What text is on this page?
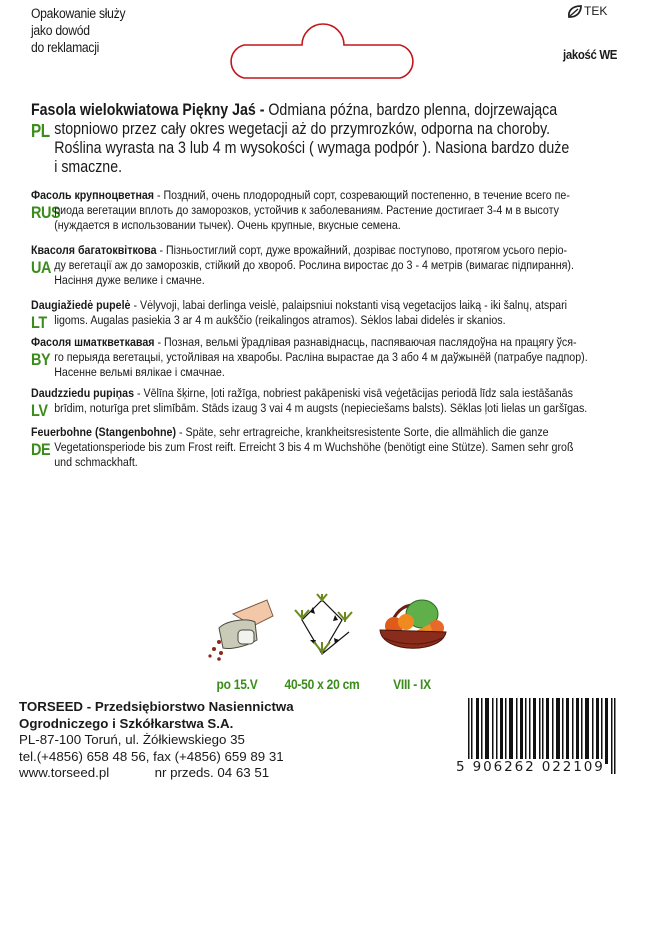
Opakowanie służy
jako dowód
do reklamacji
TEK
jakość WE
PL

Fasola wielokwiatowa Piękny Jaś - Odmiana późna, bardzo plenna, dojrzewająca
stopniowo przez cały okres wegetacji aż do przymrozków, odporna na choroby.
Roślina wyrasta na 3 lub 4 m wysokości ( wymaga podpór ). Nasiona bardzo duże
i smaczne.

RUS

Фасоль крупноцветная - Поздний, очень плодородный сорт, созревающий постепенно, в течение всего пе-
риода вегетации вплоть до заморозков, устойчив к заболеваниям. Растение достигает 3-4 м в высоту
(нуждается в использовании тычек). Очень крупные, вкусные семена.

UA

Квасоля багатоквіткова - Пізньостиглий сорт, дуже врожайний, дозріває поступово, протягом усього періо-
ду вегетації аж до заморозків, стійкий до хвороб. Рослина виростає до 3 - 4 метрів (вимагає підпирання).
Насіння дуже велике і смачне.

LT

Daugiažiedė pupelė - Vėlyvoji, labai derlinga veislė, palaipsniui nokstanti visą vegetacijos laiką - iki šalnų, atspari
ligoms. Augalas pasiekia 3 ar 4 m aukščio (reikalingos atramos). Sėklos labai didelės ir skanios.

BY

Фасоля шматкветкавая - Позная, вельмі ўрадлівая разнавіднасць, паспяваючая паслядоўна на працягу ўся-
го перыяда вегетацыі, устойлівая на хваробы. Расліна вырастае да 3 або 4 м даўжынёй (патрабуе падпор).
Насенне вельмі вялікае і смачнае.

LV

Daudzziedu pupiņas - Vēlīna šķirne, ļoti ražīga, nobriest pakāpeniski visā veģetācijas periodā līdz sala iestāšanās
brīdim, noturīga pret slimībām. Stāds izaug 3 vai 4 m augsts (nepieciešams balsts). Sēklas ļoti lielas un garšīgas.

DE

Feuerbohne (Stangenbohne) - Späte, sehr ertragreiche, krankheitsresistente Sorte, die allmählich die ganze
Vegetationsperiode bis zum Frost reift. Erreicht 3 bis 4 m Wuchshöhe (benötigt eine Stütze). Samen sehr groß
und schmackhaft.

po 15.V	40-50 x 20 cm	VIII - IX
TORSEED - Przedsiębiorstwo Nasiennictwa
Ogrodniczego i Szkółkarstwa S.A.
PL-87-100 Toruń, ul. Żółkiewskiego 35
tel.(+4856) 658 48 56, fax (+4856) 659 89 31
www.torseed.pl	nr przeds. 04 63 51	5 906262 022109
